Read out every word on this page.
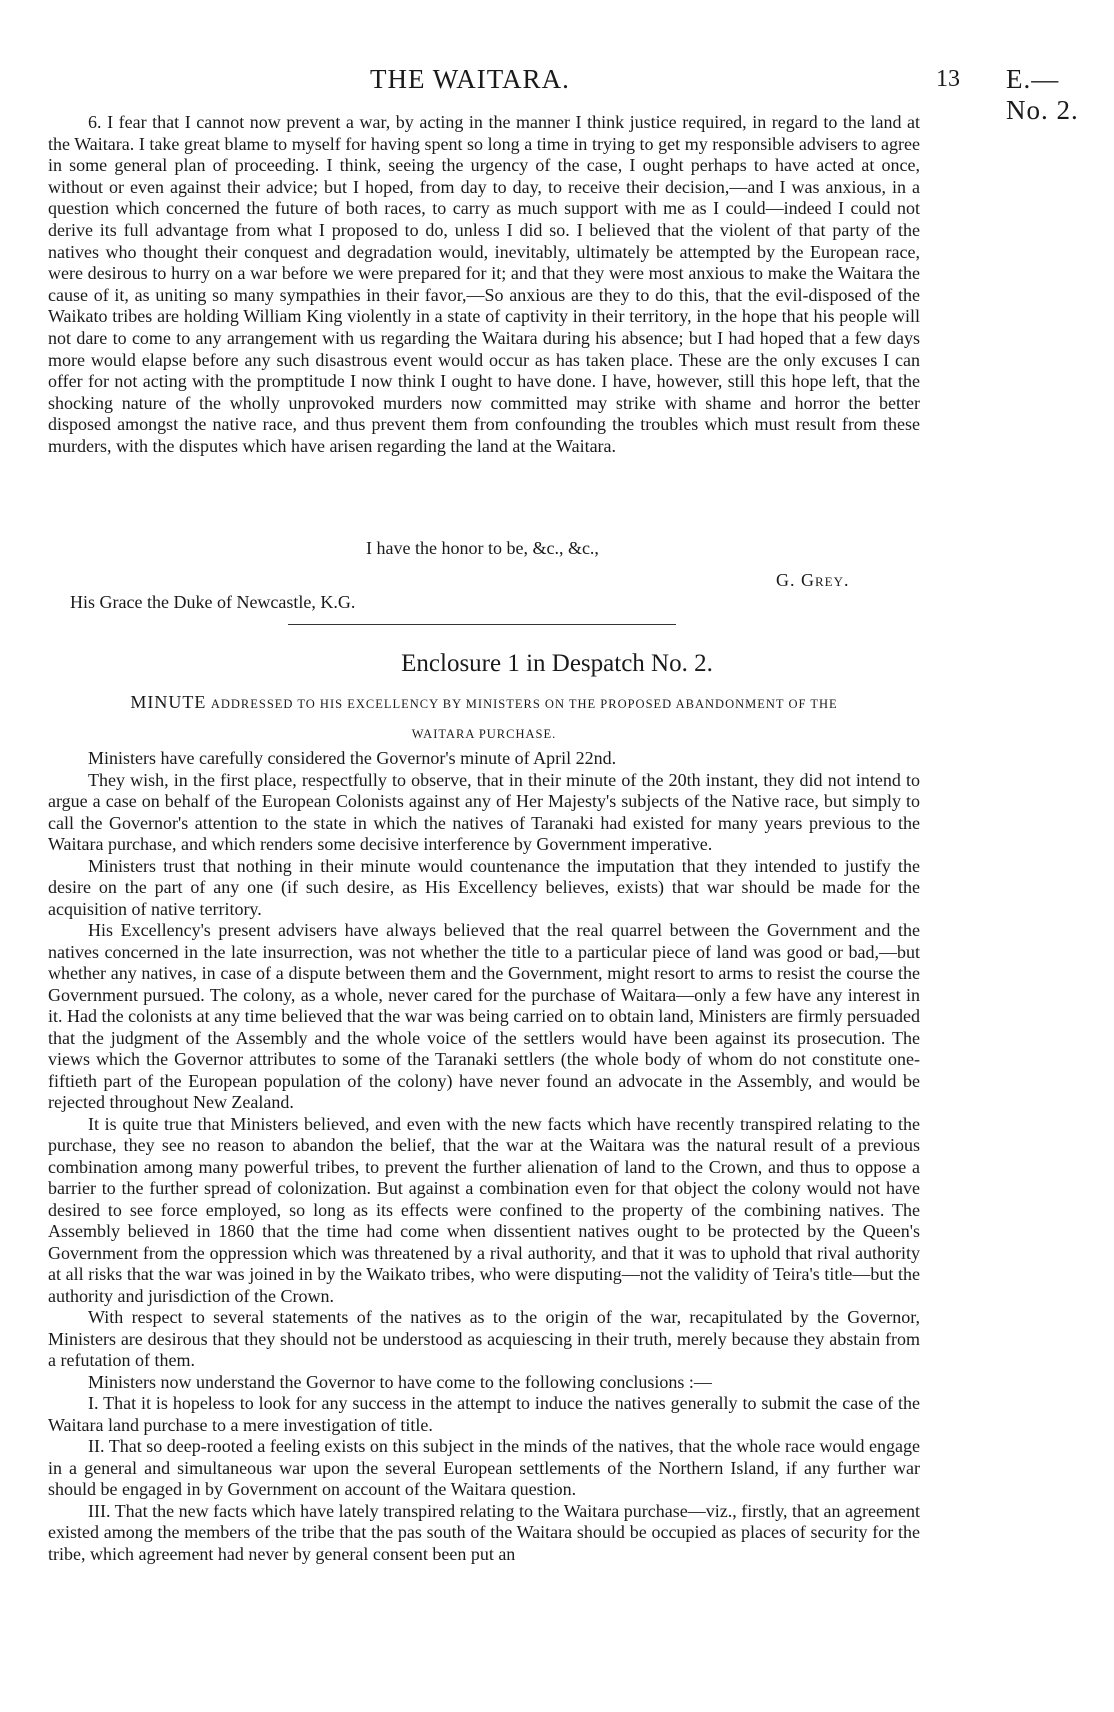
THE WAITARA.	13 E.—No. 2.

6. I fear that I cannot now prevent a war, by acting in the manner I think justice required, in regard to the land at the Waitara. I take great blame to myself for having spent so long a time in trying to get my responsible advisers to agree in some general plan of proceeding. I think, seeing the urgency of the case, I ought perhaps to have acted at once, without or even against their advice; but I hoped, from day to day, to receive their decision,—and I was anxious, in a question which concerned the future of both races, to carry as much support with me as I could—indeed I could not derive its full advantage from what I proposed to do, unless I did so. I believed that the violent of that party of the natives who thought their conquest and degradation would, inevitably, ultimately be attempted by the European race, were desirous to hurry on a war before we were prepared for it; and that they were most anxious to make the Waitara the cause of it, as uniting so many sympathies in their favor,—So anxious are they to do this, that the evil-disposed of the Waikato tribes are holding William King violently in a state of captivity in their territory, in the hope that his people will not dare to come to any arrangement with us regarding the Waitara during his absence; but I had hoped that a few days more would elapse before any such disastrous event would occur as has taken place. These are the only excuses I can offer for not acting with the promptitude I now think I ought to have done. I have, however, still this hope left, that the shocking nature of the wholly unprovoked murders now committed may strike with shame and horror the better disposed amongst the native race, and thus prevent them from confounding the troubles which must result from these murders, with the disputes which have arisen regarding the land at the Waitara.

I have the honor to be, &c., &c.,
G. Grey.
His Grace the Duke of Newcastle, K.G.
Enclosure 1 in Despatch No. 2.
MINUTE ADDRESSED TO HIS EXCELLENCY BY MINISTERS ON THE PROPOSED ABANDONMENT OF THE
WAITARA PURCHASE.

Ministers have carefully considered the Governor's minute of April 22nd.

They wish, in the first place, respectfully to observe, that in their minute of the 20th instant, they did not intend to argue a case on behalf of the European Colonists against any of Her Majesty's subjects of the Native race, but simply to call the Governor's attention to the state in which the natives of Taranaki had existed for many years previous to the Waitara purchase, and which renders some decisive interference by Government imperative.

Ministers trust that nothing in their minute would countenance the imputation that they intended to justify the desire on the part of any one (if such desire, as His Excellency believes, exists) that war should be made for the acquisition of native territory.

His Excellency's present advisers have always believed that the real quarrel between the Government and the natives concerned in the late insurrection, was not whether the title to a particular piece of land was good or bad,—but whether any natives, in case of a dispute between them and the Government, might resort to arms to resist the course the Government pursued. The colony, as a whole, never cared for the purchase of Waitara—only a few have any interest in it. Had the colonists at any time believed that the war was being carried on to obtain land, Ministers are firmly persuaded that the judgment of the Assembly and the whole voice of the settlers would have been against its prosecution. The views which the Governor attributes to some of the Taranaki settlers (the whole body of whom do not constitute one-fiftieth part of the European population of the colony) have never found an advocate in the Assembly, and would be rejected throughout New Zealand.

It is quite true that Ministers believed, and even with the new facts which have recently transpired relating to the purchase, they see no reason to abandon the belief, that the war at the Waitara was the natural result of a previous combination among many powerful tribes, to prevent the further alienation of land to the Crown, and thus to oppose a barrier to the further spread of colonization. But against a combination even for that object the colony would not have desired to see force employed, so long as its effects were confined to the property of the combining natives. The Assembly believed in 1860 that the time had come when dissentient natives ought to be protected by the Queen's Government from the oppression which was threatened by a rival authority, and that it was to uphold that rival authority at all risks that the war was joined in by the Waikato tribes, who were disputing—not the validity of Teira's title—but the authority and jurisdiction of the Crown.

With respect to several statements of the natives as to the origin of the war, recapitulated by the Governor, Ministers are desirous that they should not be understood as acquiescing in their truth, merely because they abstain from a refutation of them.

Ministers now understand the Governor to have come to the following conclusions :—

I. That it is hopeless to look for any success in the attempt to induce the natives generally to submit the case of the Waitara land purchase to a mere investigation of title.

II. That so deep-rooted a feeling exists on this subject in the minds of the natives, that the whole race would engage in a general and simultaneous war upon the several European settlements of the Northern Island, if any further war should be engaged in by Government on account of the Waitara question.

III. That the new facts which have lately transpired relating to the Waitara purchase—viz., firstly, that an agreement existed among the members of the tribe that the pas south of the Waitara should be occupied as places of security for the tribe, which agreement had never by general consent been put an
